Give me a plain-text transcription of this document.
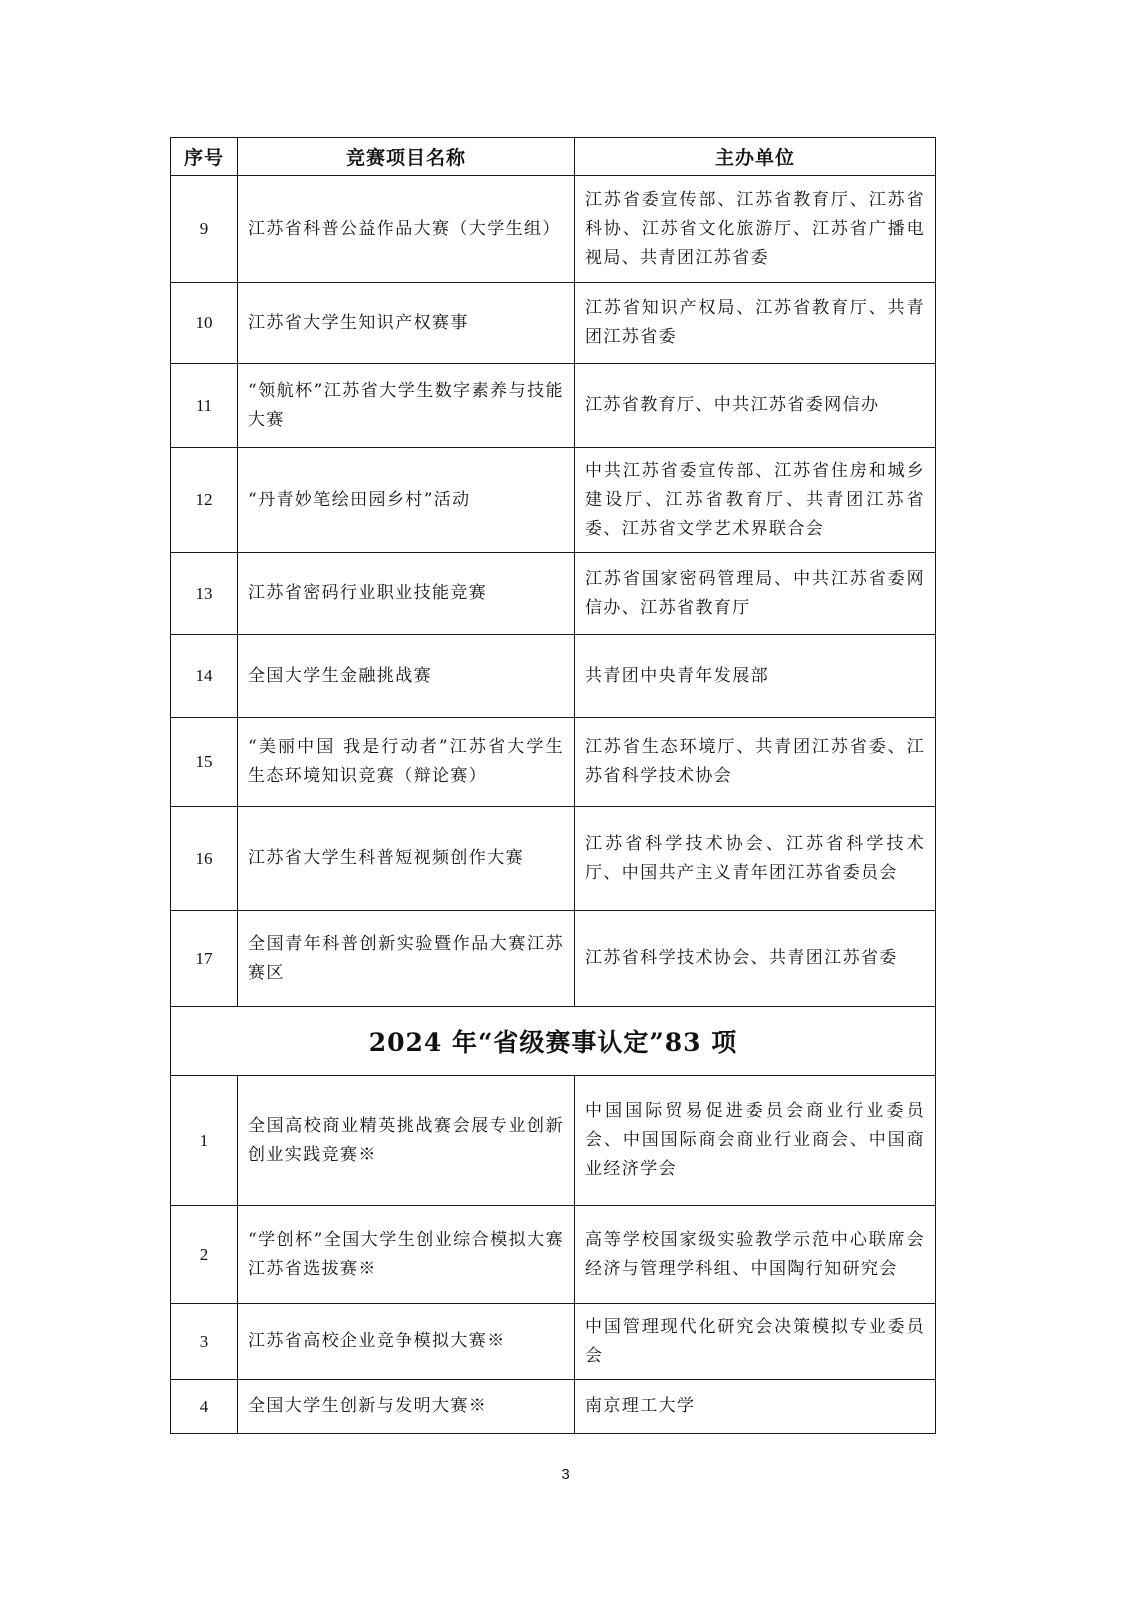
序号	竞赛项目名称	主办单位
9	江苏省科普公益作品大赛（大学生组）	江苏省委宣传部、江苏省教育厅、江苏省科协、江苏省文化旅游厅、江苏省广播电视局、共青团江苏省委
10	江苏省大学生知识产权赛事	江苏省知识产权局、江苏省教育厅、共青团江苏省委
11	“领航杯”江苏省大学生数字素养与技能大赛	江苏省教育厅、中共江苏省委网信办
12	“丹青妙笔绘田园乡村”活动	中共江苏省委宣传部、江苏省住房和城乡建设厅、江苏省教育厅、共青团江苏省委、江苏省文学艺术界联合会
13	江苏省密码行业职业技能竞赛	江苏省国家密码管理局、中共江苏省委网信办、江苏省教育厅
14	全国大学生金融挑战赛	共青团中央青年发展部
15	“美丽中国 我是行动者”江苏省大学生生态环境知识竞赛（辩论赛）	江苏省生态环境厅、共青团江苏省委、江苏省科学技术协会
16	江苏省大学生科普短视频创作大赛	江苏省科学技术协会、江苏省科学技术厅、中国共产主义青年团江苏省委员会
17	全国青年科普创新实验暨作品大赛江苏赛区	江苏省科学技术协会、共青团江苏省委
2024 年“省级赛事认定”83 项		
1	全国高校商业精英挑战赛会展专业创新创业实践竞赛※	中国国际贸易促进委员会商业行业委员会、中国国际商会商业行业商会、中国商业经济学会
2	“学创杯”全国大学生创业综合模拟大赛江苏省选拔赛※	高等学校国家级实验教学示范中心联席会经济与管理学科组、中国陶行知研究会
3	江苏省高校企业竞争模拟大赛※	中国管理现代化研究会决策模拟专业委员会
4	全国大学生创新与发明大赛※	南京理工大学
3
